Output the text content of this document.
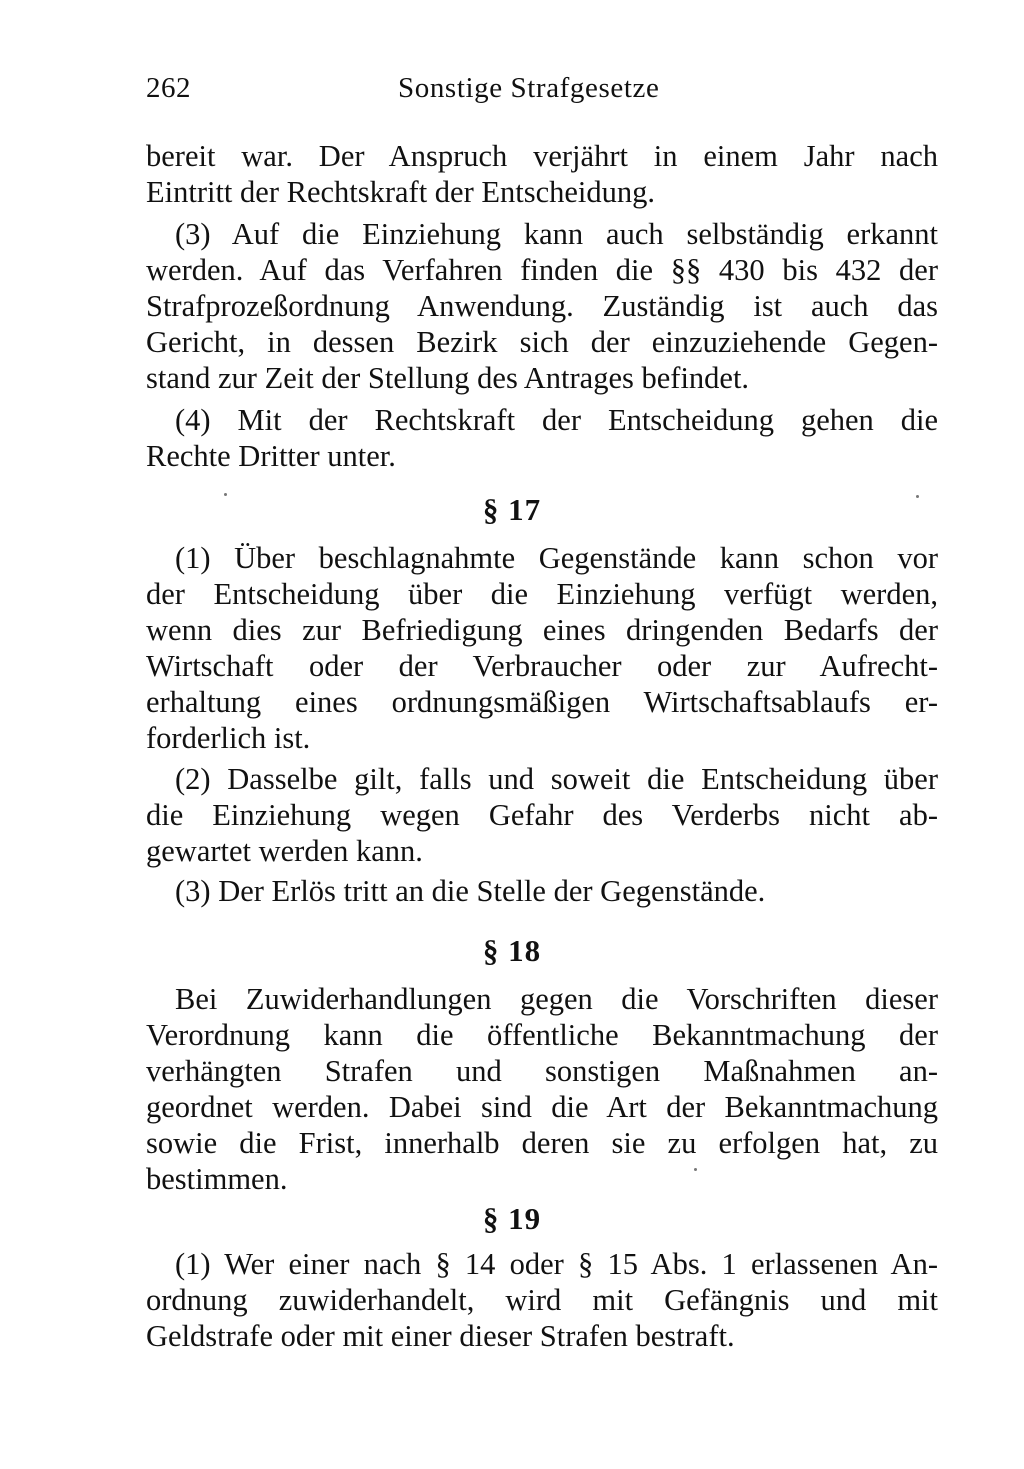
262	Sonstige Strafgesetze
bereit war. Der Anspruch verjährt in einem Jahr nach
Eintritt der Rechtskraft der Entscheidung.
(3) Auf die Einziehung kann auch selbständig erkannt
werden. Auf das Verfahren finden die §§ 430 bis 432 der
Strafprozeßordnung Anwendung. Zuständig ist auch das
Gericht, in dessen Bezirk sich der einzuziehende Gegen-
stand zur Zeit der Stellung des Antrages befindet.
(4) Mit der Rechtskraft der Entscheidung gehen die
Rechte Dritter unter.
§ 17
(1) Über beschlagnahmte Gegenstände kann schon vor
der Entscheidung über die Einziehung verfügt werden,
wenn dies zur Befriedigung eines dringenden Bedarfs der
Wirtschaft oder der Verbraucher oder zur Aufrecht-
erhaltung eines ordnungsmäßigen Wirtschaftsablaufs er-
forderlich ist.
(2) Dasselbe gilt, falls und soweit die Entscheidung über
die Einziehung wegen Gefahr des Verderbs nicht ab-
gewartet werden kann.
(3) Der Erlös tritt an die Stelle der Gegenstände.
§ 18
Bei Zuwiderhandlungen gegen die Vorschriften dieser
Verordnung kann die öffentliche Bekanntmachung der
verhängten Strafen und sonstigen Maßnahmen an-
geordnet werden. Dabei sind die Art der Bekanntmachung
sowie die Frist, innerhalb deren sie zu erfolgen hat, zu
bestimmen.
§ 19
(1) Wer einer nach § 14 oder § 15 Abs. 1 erlassenen An-
ordnung zuwiderhandelt, wird mit Gefängnis und mit
Geldstrafe oder mit einer dieser Strafen bestraft.
